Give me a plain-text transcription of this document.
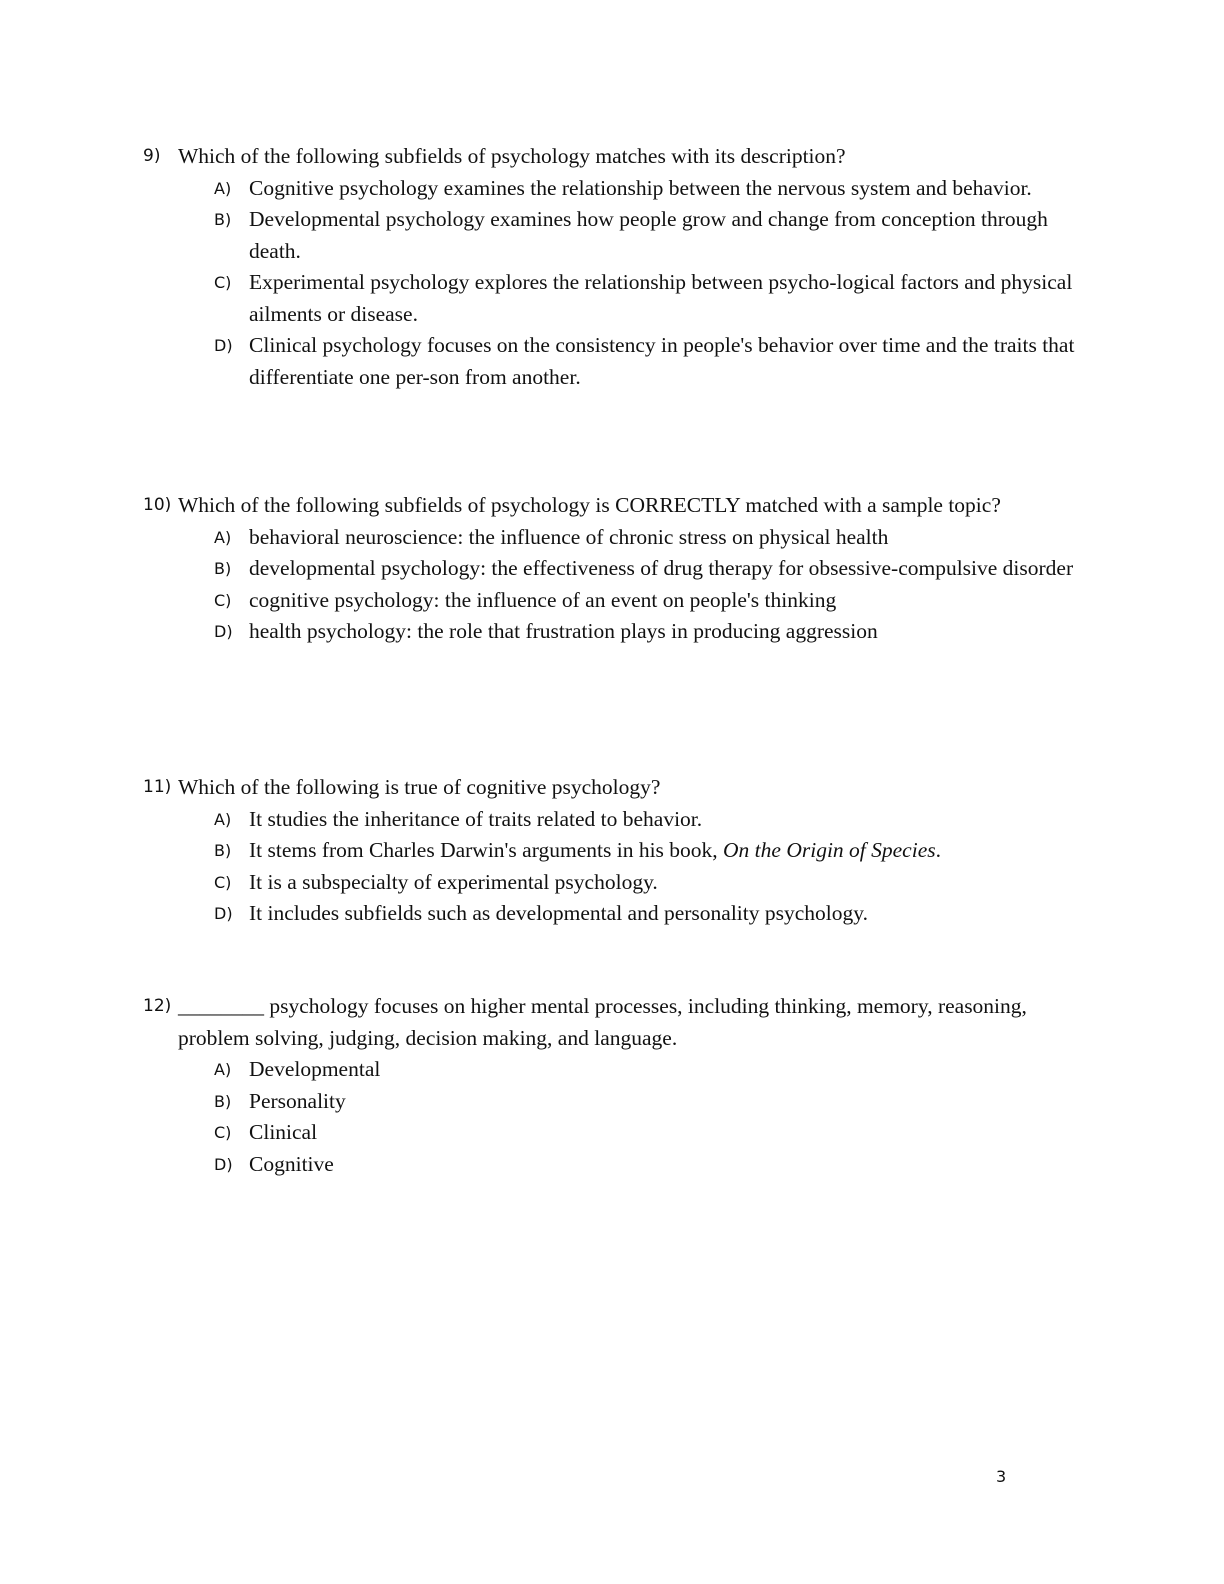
9) Which of the following subfields of psychology matches with its description?
A) Cognitive psychology examines the relationship between the nervous system and behavior.
B) Developmental psychology examines how people grow and change from conception through death.
C) Experimental psychology explores the relationship between psycho-logical factors and physical ailments or disease.
D) Clinical psychology focuses on the consistency in people's behavior over time and the traits that differentiate one per-son from another.
10) Which of the following subfields of psychology is CORRECTLY matched with a sample topic?
A) behavioral neuroscience: the influence of chronic stress on physical health
B) developmental psychology: the effectiveness of drug therapy for obsessive-compulsive disorder
C) cognitive psychology: the influence of an event on people's thinking
D) health psychology: the role that frustration plays in producing aggression
11) Which of the following is true of cognitive psychology?
A) It studies the inheritance of traits related to behavior.
B) It stems from Charles Darwin's arguments in his book, On the Origin of Species.
C) It is a subspecialty of experimental psychology.
D) It includes subfields such as developmental and personality psychology.
12) ________ psychology focuses on higher mental processes, including thinking, memory, reasoning, problem solving, judging, decision making, and language.
A) Developmental
B) Personality
C) Clinical
D) Cognitive
3
